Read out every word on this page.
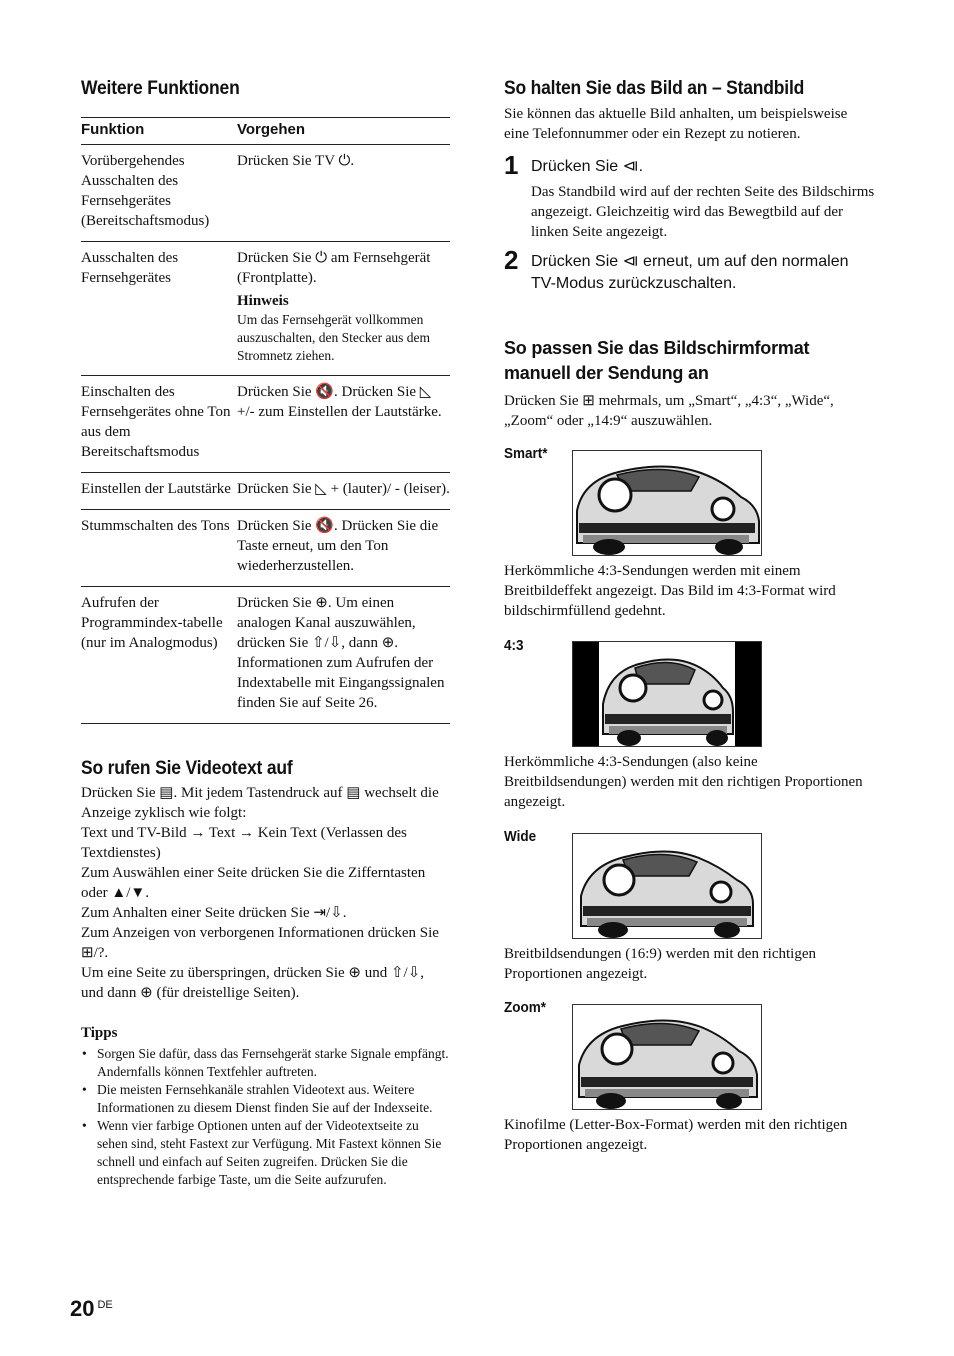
Weitere Funktionen
Funktion	Vorgehen
Vorübergehendes Ausschalten des Fernsehgerätes (Bereitschaftsmodus)	Drücken Sie TV ⏻.
Ausschalten des Fernsehgerätes	Drücken Sie ⏻ am Fernsehgerät (Frontplatte).
Hinweis
Um das Fernsehgerät vollkommen auszuschalten, den Stecker aus dem Stromnetz ziehen.

Einschalten des Fernsehgerätes ohne Ton aus dem Bereitschaftsmodus	Drücken Sie 🔇. Drücken Sie ◺ +/- zum Einstellen der Lautstärke.
Einstellen der Lautstärke	Drücken Sie ◺ + (lauter)/ - (leiser).
Stummschalten des Tons	Drücken Sie 🔇. Drücken Sie die Taste erneut, um den Ton wiederherzustellen.
Aufrufen der Programmindex-tabelle (nur im Analogmodus)	Drücken Sie ⊕. Um einen analogen Kanal auszuwählen, drücken Sie ⇧/⇩, dann ⊕. Informationen zum Aufrufen der Indextabelle mit Eingangssignalen finden Sie auf Seite 26.
So rufen Sie Videotext auf
Drücken Sie ▤. Mit jedem Tastendruck auf ▤ wechselt die Anzeige zyklisch wie folgt:
Text und TV-Bild → Text → Kein Text (Verlassen des Textdienstes)
Zum Auswählen einer Seite drücken Sie die Zifferntasten oder ▲/▼.
Zum Anhalten einer Seite drücken Sie ⇥/⇩.
Zum Anzeigen von verborgenen Informationen drücken Sie ⊞/?.
Um eine Seite zu überspringen, drücken Sie ⊕ und ⇧/⇩, und dann ⊕ (für dreistellige Seiten).
Tipps
• Sorgen Sie dafür, dass das Fernsehgerät starke Signale empfängt. Andernfalls können Textfehler auftreten.
• Die meisten Fernsehkanäle strahlen Videotext aus. Weitere Informationen zu diesem Dienst finden Sie auf der Indexseite.
• Wenn vier farbige Optionen unten auf der Videotextseite zu sehen sind, steht Fastext zur Verfügung. Mit Fastext können Sie schnell und einfach auf Seiten zugreifen. Drücken Sie die entsprechende farbige Taste, um die Seite aufzurufen.
So halten Sie das Bild an – Standbild
Sie können das aktuelle Bild anhalten, um beispielsweise eine Telefonnummer oder ein Rezept zu notieren.
1 Drücken Sie ⧏.
Das Standbild wird auf der rechten Seite des Bildschirms angezeigt. Gleichzeitig wird das Bewegtbild auf der linken Seite angezeigt.
2 Drücken Sie ⧏ erneut, um auf den normalen TV-Modus zurückzuschalten.
So passen Sie das Bildschirmformat manuell der Sendung an
Drücken Sie ⊞ mehrmals, um „Smart“, „4:3“, „Wide“, „Zoom“ oder „14:9“ auszuwählen.
Smart*
Herkömmliche 4:3-Sendungen werden mit einem Breitbildeffekt angezeigt. Das Bild im 4:3-Format wird bildschirmfüllend gedehnt.
4:3
Herkömmliche 4:3-Sendungen (also keine Breitbildsendungen) werden mit den richtigen Proportionen angezeigt.
Wide
Breitbildsendungen (16:9) werden mit den richtigen Proportionen angezeigt.
Zoom*
Kinofilme (Letter-Box-Format) werden mit den richtigen Proportionen angezeigt.
20 $^{DE}$
